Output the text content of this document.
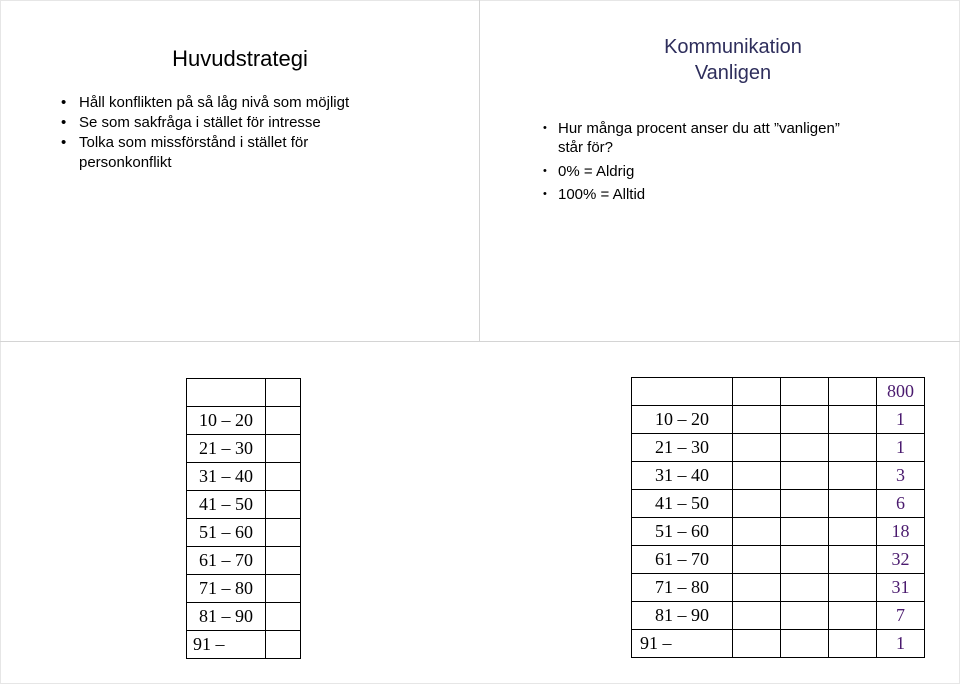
Huvudstrategi
• Håll konflikten på så låg nivå som möjligt
• Se som sakfråga i stället för intresse
• Tolka som missförstånd i stället för
personkonflikt
Kommunikation
Vanligen
• Hur många procent anser du att ”vanligen”
står för?
• 0% = Aldrig
• 100% = Alltid

10 – 20	
21 – 30	
31 – 40	
41 – 50	
51 – 60	
61 – 70	
71 – 80	
81 – 90	
91 –	
				800
10 – 20				1
21 – 30				1
31 – 40				3
41 – 50				6
51 – 60				18
61 – 70				32
71 – 80				31
81 – 90				7
91 –				1
